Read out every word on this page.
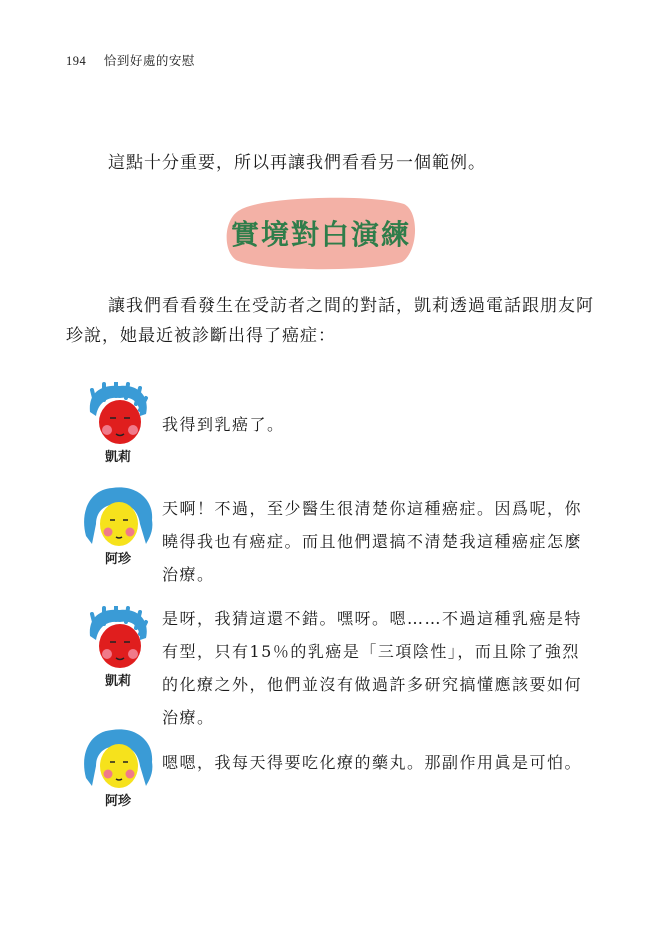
194 恰到好處的安慰
這點十分重要，所以再讓我們看看另一個範例。
實境對白演練
讓我們看看發生在受訪者之間的對話，凱莉透過電話跟朋友阿珍說，她最近被診斷出得了癌症：
凱莉
我得到乳癌了。
阿珍
天啊！不過，至少醫生很清楚你這種癌症。因爲呢，你曉得我也有癌症。而且他們還搞不清楚我這種癌症怎麼治療。
凱莉
是呀，我猜這還不錯。嘿呀。嗯……不過這種乳癌是特有型，只有15％的乳癌是「三項陰性」，而且除了強烈的化療之外，他們並沒有做過許多研究搞懂應該要如何治療。
阿珍
嗯嗯，我每天得要吃化療的藥丸。那副作用眞是可怕。
